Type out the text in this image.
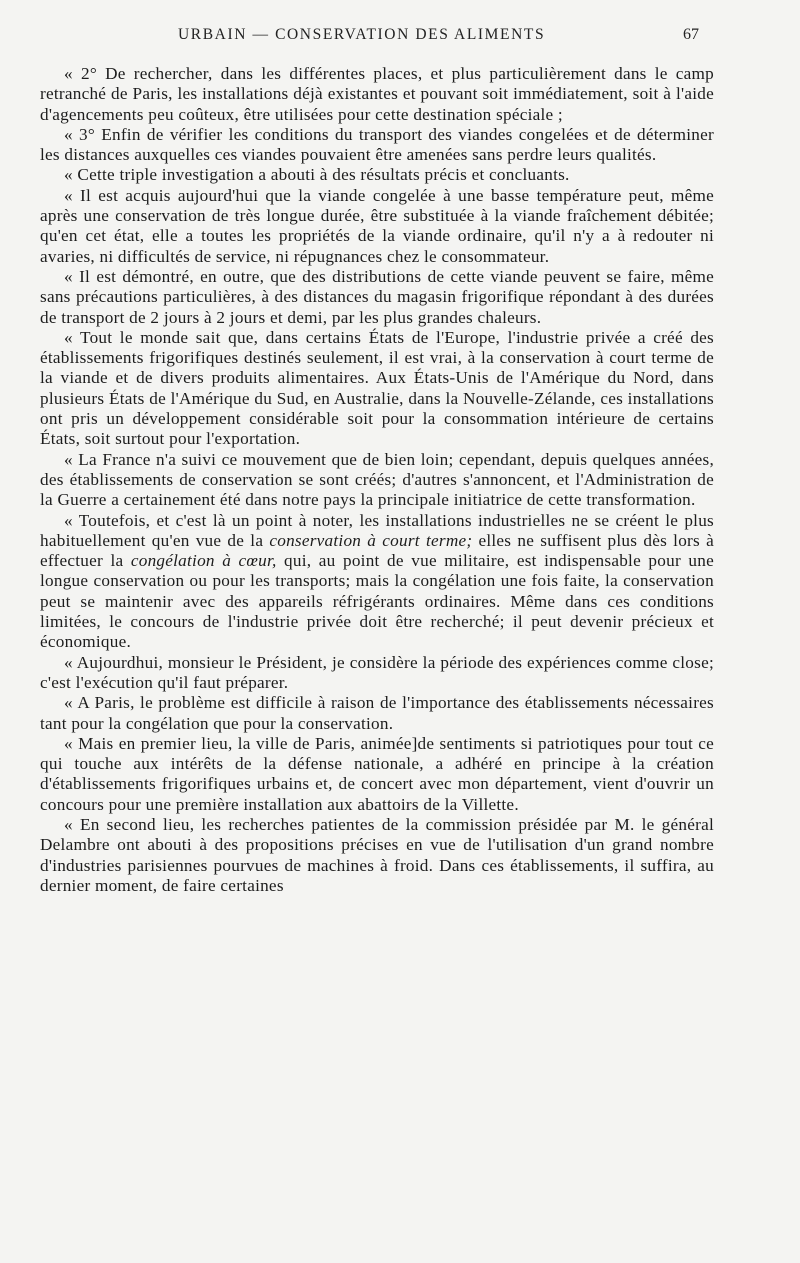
URBAIN — CONSERVATION DES ALIMENTS	67

« 2° De rechercher, dans les différentes places, et plus particulièrement dans le camp retranché de Paris, les installations déjà existantes et pouvant soit immédiatement, soit à l'aide d'agencements peu coûteux, être utilisées pour cette destination spéciale ;

« 3° Enfin de vérifier les conditions du transport des viandes congelées et de déterminer les distances auxquelles ces viandes pouvaient être amenées sans perdre leurs qualités.

« Cette triple investigation a abouti à des résultats précis et concluants.

« Il est acquis aujourd'hui que la viande congelée à une basse température peut, même après une conservation de très longue durée, être substituée à la viande fraîchement débitée; qu'en cet état, elle a toutes les propriétés de la viande ordinaire, qu'il n'y a à redouter ni avaries, ni difficultés de service, ni répugnances chez le consommateur.

« Il est démontré, en outre, que des distributions de cette viande peuvent se faire, même sans précautions particulières, à des distances du magasin frigorifique répondant à des durées de transport de 2 jours à 2 jours et demi, par les plus grandes chaleurs.

« Tout le monde sait que, dans certains États de l'Europe, l'industrie privée a créé des établissements frigorifiques destinés seulement, il est vrai, à la conservation à court terme de la viande et de divers produits alimentaires. Aux États-Unis de l'Amérique du Nord, dans plusieurs États de l'Amérique du Sud, en Australie, dans la Nouvelle-Zélande, ces installations ont pris un développement considérable soit pour la consommation intérieure de certains États, soit surtout pour l'exportation.

« La France n'a suivi ce mouvement que de bien loin; cependant, depuis quelques années, des établissements de conservation se sont créés; d'autres s'annoncent, et l'Administration de la Guerre a certainement été dans notre pays la principale initiatrice de cette transformation.

« Toutefois, et c'est là un point à noter, les installations industrielles ne se créent le plus habituellement qu'en vue de la conservation à court terme; elles ne suffisent plus dès lors à effectuer la congélation à cœur, qui, au point de vue militaire, est indispensable pour une longue conservation ou pour les transports; mais la congélation une fois faite, la conservation peut se maintenir avec des appareils réfrigérants ordinaires. Même dans ces conditions limitées, le concours de l'industrie privée doit être recherché; il peut devenir précieux et économique.

« Aujourdhui, monsieur le Président, je considère la période des expériences comme close; c'est l'exécution qu'il faut préparer.

« A Paris, le problème est difficile à raison de l'importance des établissements nécessaires tant pour la congélation que pour la conservation.

« Mais en premier lieu, la ville de Paris, animée]de sentiments si patriotiques pour tout ce qui touche aux intérêts de la défense nationale, a adhéré en principe à la création d'établissements frigorifiques urbains et, de concert avec mon département, vient d'ouvrir un concours pour une première installation aux abattoirs de la Villette.

« En second lieu, les recherches patientes de la commission présidée par M. le général Delambre ont abouti à des propositions précises en vue de l'utilisation d'un grand nombre d'industries parisiennes pourvues de machines à froid. Dans ces établissements, il suffira, au dernier moment, de faire certaines
